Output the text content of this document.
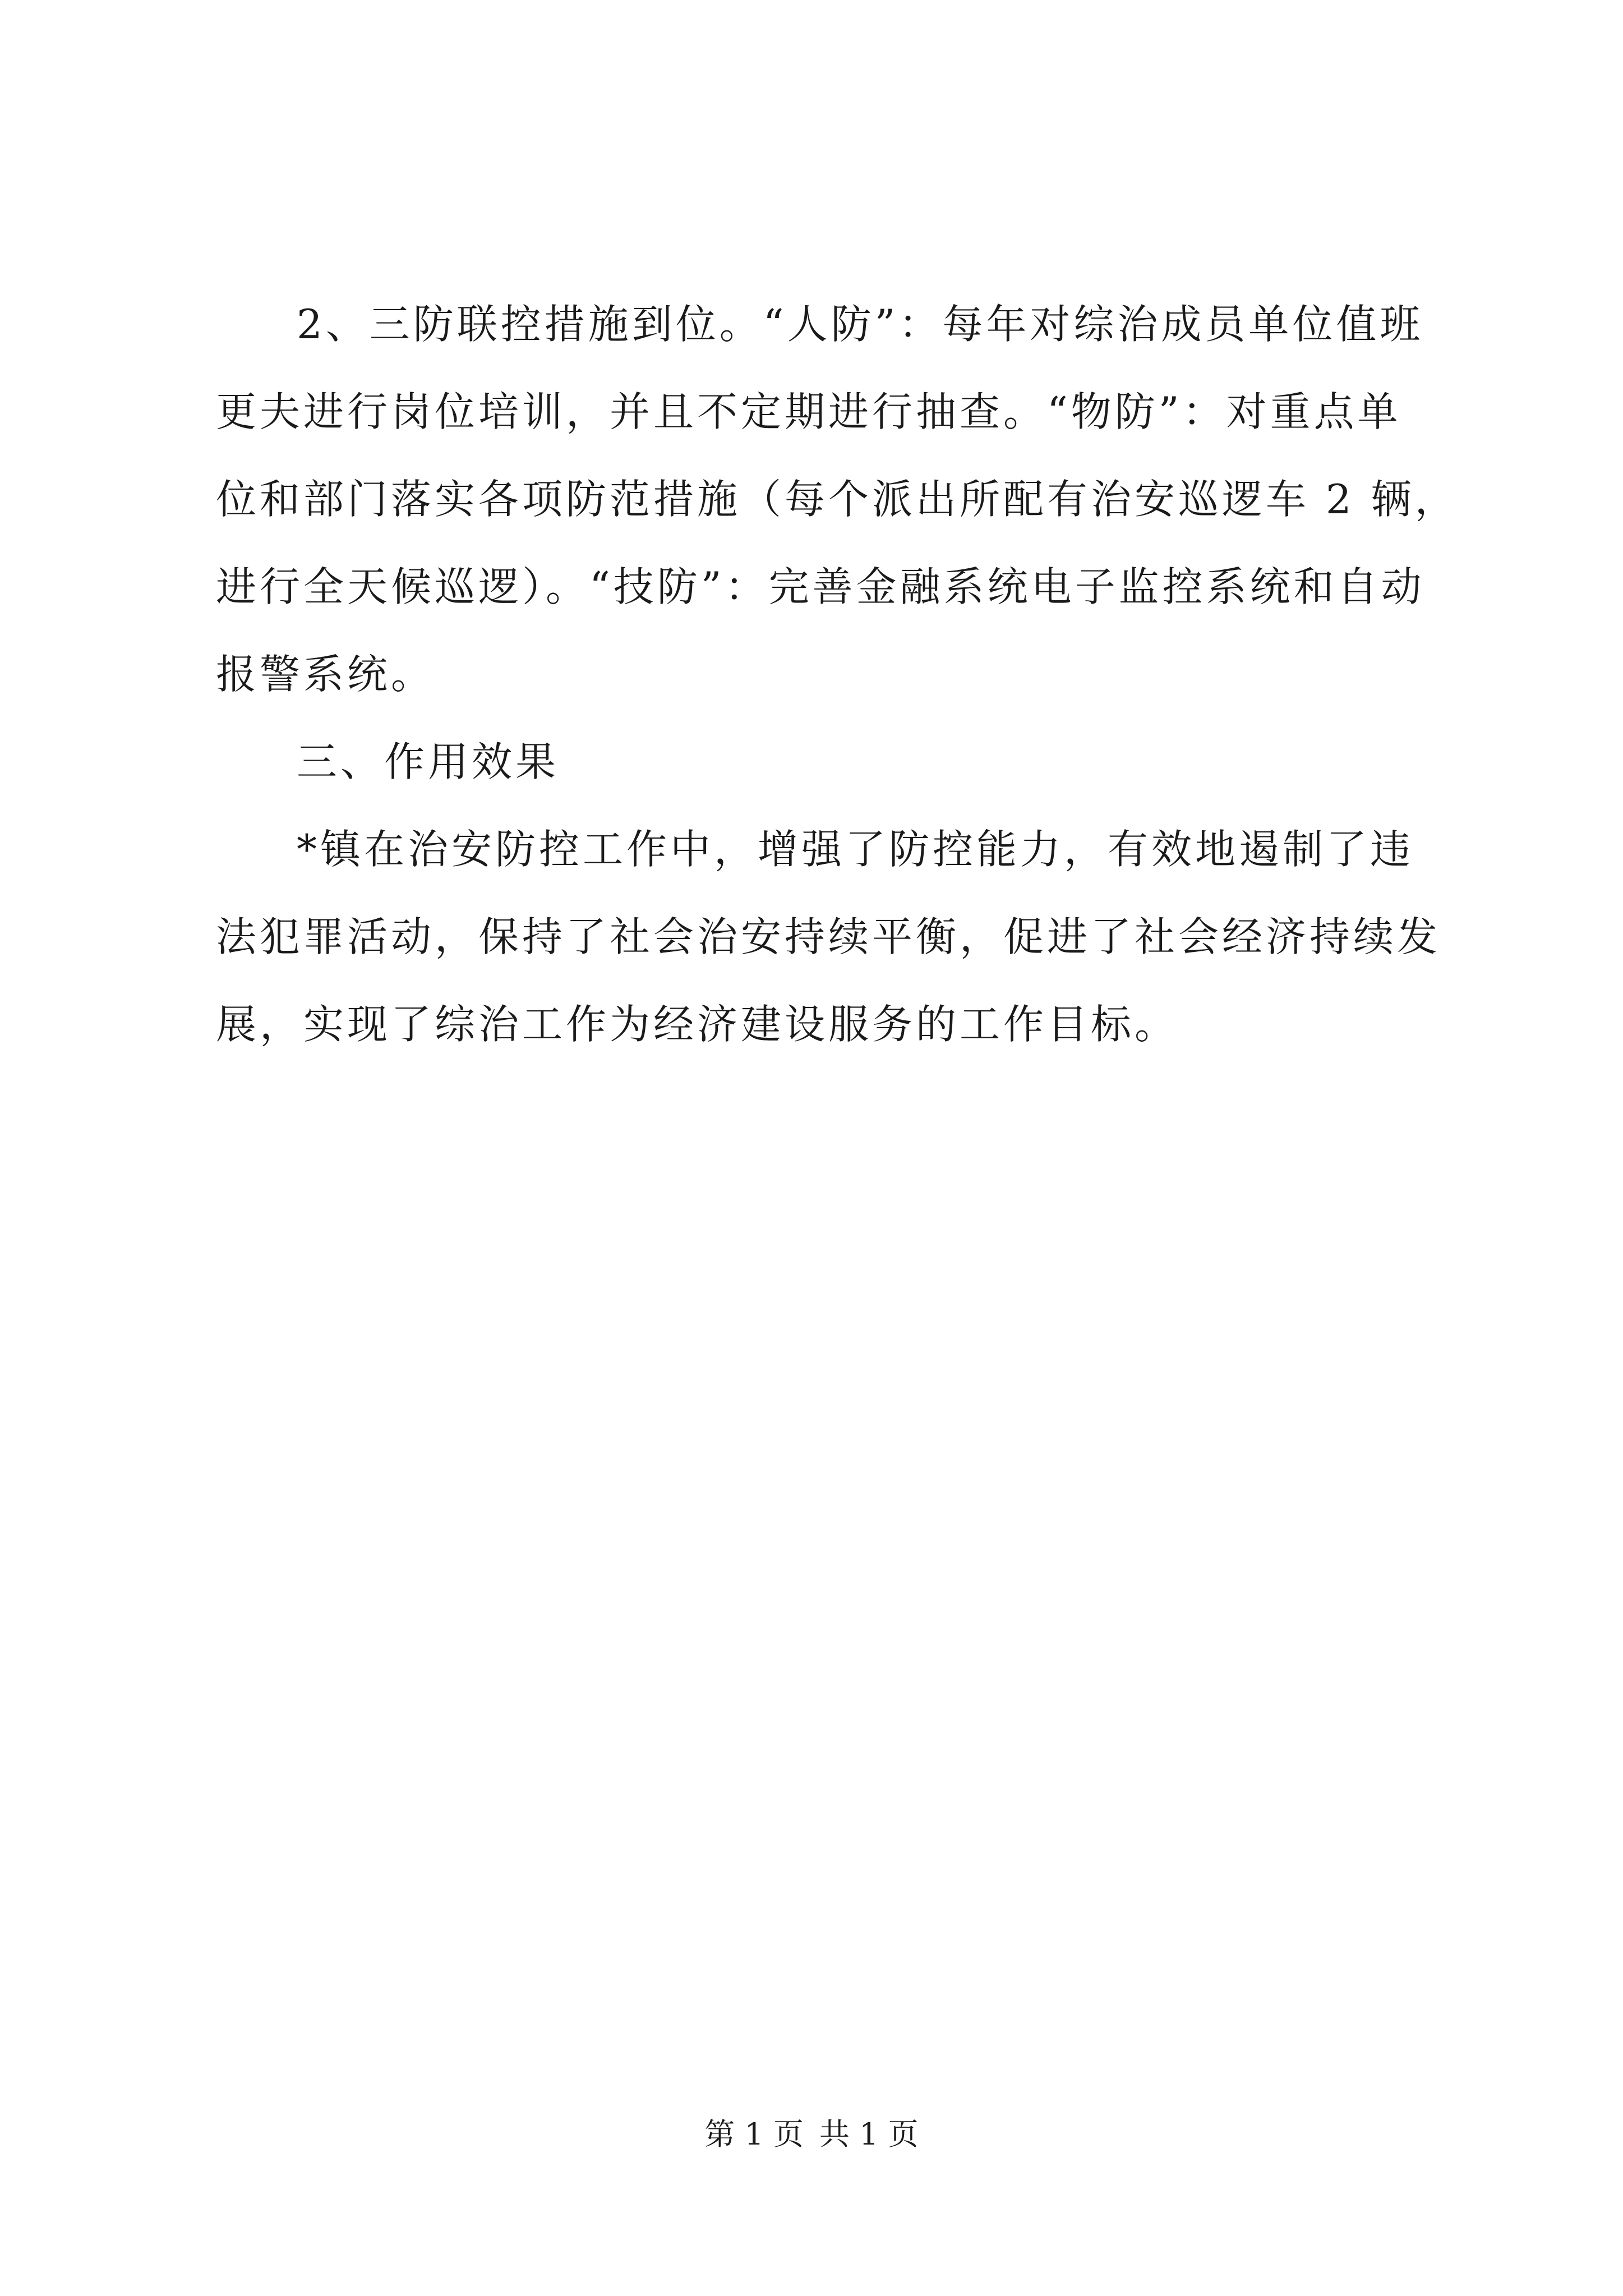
2、三防联控措施到位。“人防”：每年对综治成员单位值班
更夫进行岗位培训，并且不定期进行抽查。“物防”：对重点单
位和部门落实各项防范措施（每个派出所配有治安巡逻车 2 辆，
进行全天候巡逻）。“技防”：完善金融系统电子监控系统和自动
报警系统。
三、作用效果
*镇在治安防控工作中，增强了防控能力，有效地遏制了违
法犯罪活动，保持了社会治安持续平衡，促进了社会经济持续发
展，实现了综治工作为经济建设服务的工作目标。
第 1 页 共 1 页
